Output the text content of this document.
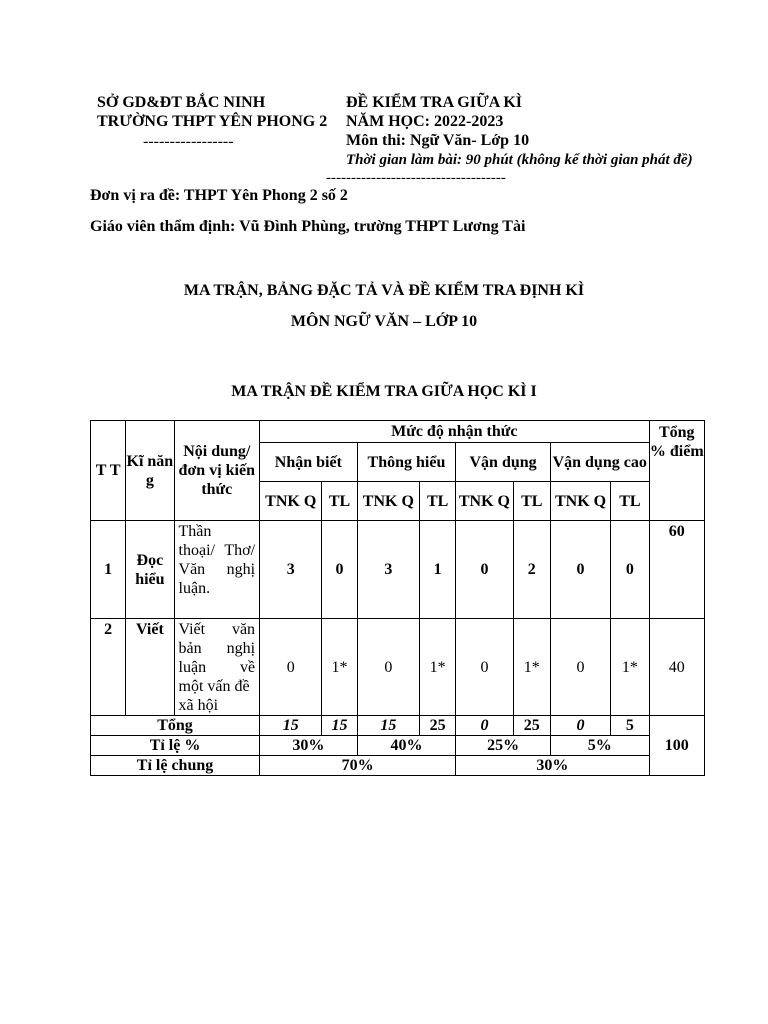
SỞ GD&ĐT BẮC NINH
TRƯỜNG THPT YÊN PHONG 2
-----------------
ĐỀ KIỂM TRA GIỮA KÌ
NĂM HỌC: 2022-2023
Môn thi: Ngữ Văn- Lớp 10
Thời gian làm bài: 90 phút (không kể thời gian phát đề)
------------------------------------
Đơn vị ra đề: THPT Yên Phong 2 số 2
Giáo viên thẩm định: Vũ Đình Phùng, trường THPT Lương Tài
MA TRẬN, BẢNG ĐẶC TẢ VÀ ĐỀ KIỂM TRA ĐỊNH KÌ
MÔN NGỮ VĂN – LỚP 10
MA TRẬN ĐỀ KIỂM TRA GIỮA HỌC KÌ I
T T	Kĩ năn g	Nội dung/đơn vị kiến thức	Mức độ nhận thức								Tổng % điểm
			Nhận biết		Thông hiểu		Vận dụng		Vận dụng cao		
			TNK Q	TL	TNK Q	TL	TNK Q	TL	TNK Q	TL	
1	Đọc hiểu	Thần
thoại/ Thơ/
Văn nghị
luận.	3	0	3	1	0	2	0	0	60
2	Viết	Viết văn
bản nghị
luận về
một vấn đề
xã hội	0	1*	0	1*	0	1*	0	1*	40
Tổng			15	15	15	25	0	25	0	5	100
Tỉ lệ %			30%		40%		25%		5%		
Tỉ lệ chung			70%				30%				
